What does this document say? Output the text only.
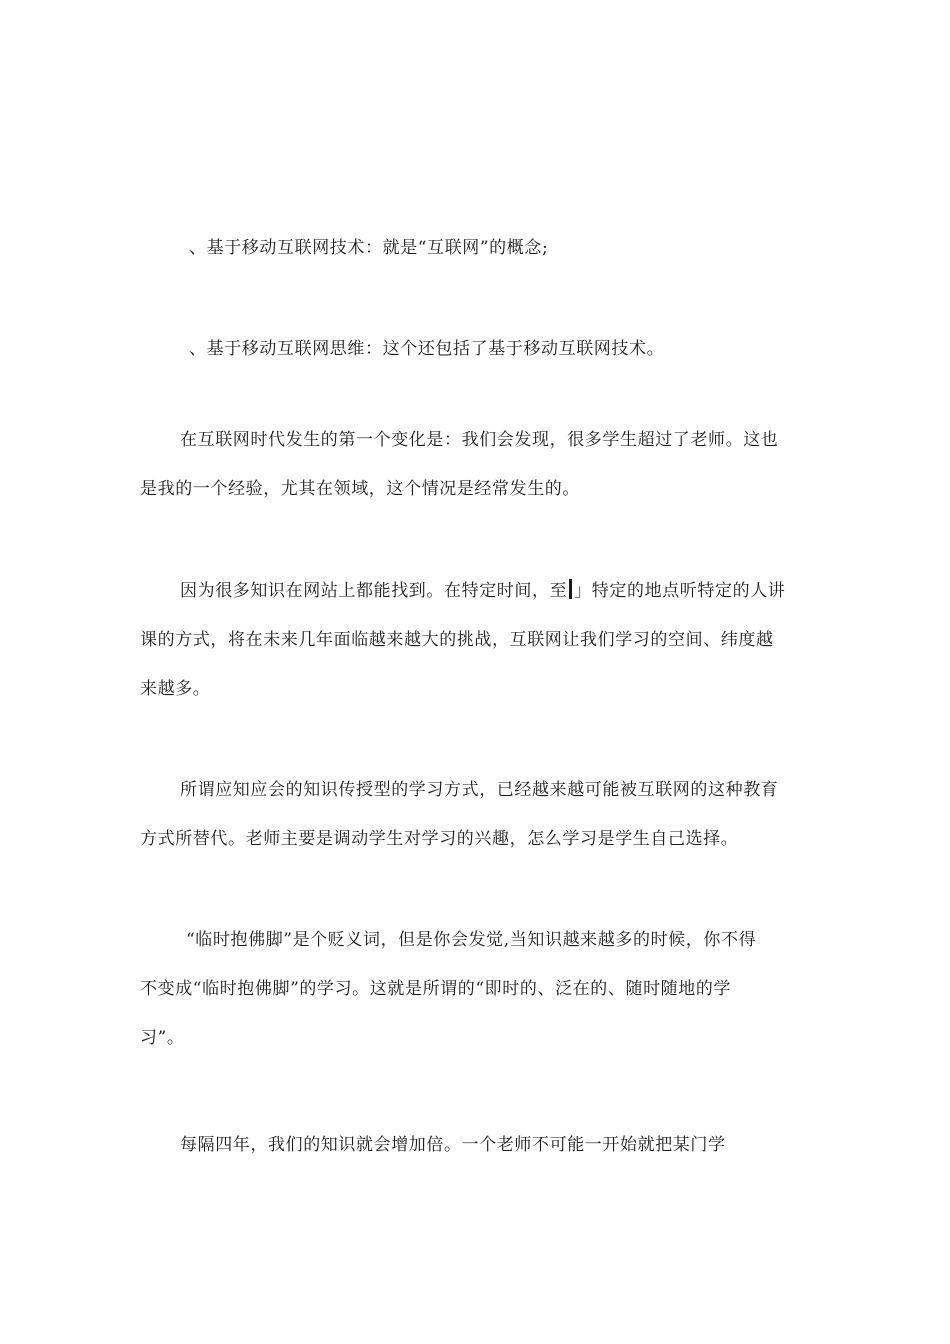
、基于移动互联网技术：就是“互联网”的概念;
、基于移动互联网思维：这个还包括了基于移动互联网技术。
在互联网时代发生的第一个变化是：我们会发现，很多学生超过了老师。这也
是我的一个经验，尤其在领域，这个情况是经常发生的。
因为很多知识在网站上都能找到。在特定时间，至 」特定的地点听特定的人讲
课的方式，将在未来几年面临越来越大的挑战，互联网让我们学习的空间、纬度越
来越多。
所谓应知应会的知识传授型的学习方式，已经越来越可能被互联网的这种教育
方式所替代。老师主要是调动学生对学习的兴趣，怎么学习是学生自己选择。
“临时抱佛脚”是个贬义词，但是你会发觉,当知识越来越多的时候，你不得
不变成“临时抱佛脚”的学习。这就是所谓的“即时的、泛在的、随时随地的学
习”。
每隔四年，我们的知识就会增加倍。一个老师不可能一开始就把某门学
